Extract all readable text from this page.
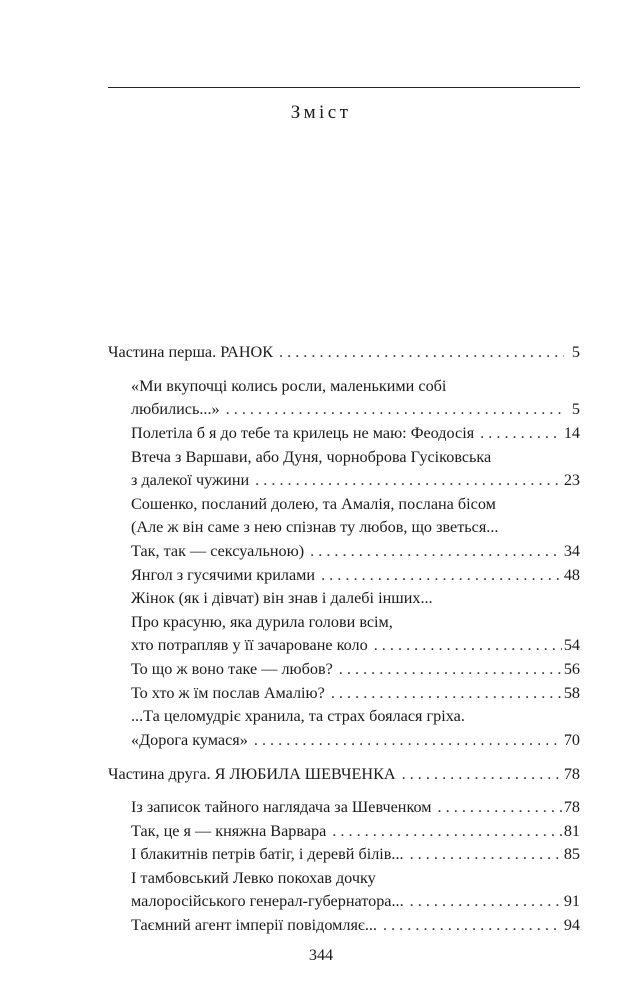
Зміст
Частина перша. РАНОК . . .	5
«Ми вкупочці колись росли, маленькими собі
любились...» . . .	5
Полетіла б я до тебе та крилець не маю: Феодосія . . .	14
Втеча з Варшави, або Дуня, чорноброва Гусіковська
з далекої чужини . . .	23
Сошенко, посланий долею, та Амалія, послана бісом
(Але ж він саме з нею спізнав ту любов, що зветься...
Так, так — сексуальною) . . .	34
Янгол з гусячими крилами . . .	48
Жінок (як і дівчат) він знав і далебі інших...
Про красуню, яка дурила голови всім,
хто потрапляв у її зачароване коло . . .	54
То що ж воно таке — любов? . . .	56
То хто ж їм послав Амалію? . . .	58
...Та целомудріє хранила, та страх боялася гріха.
«Дорога кумася» . . .	70
Частина друга. Я ЛЮБИЛА ШЕВЧЕНКА . . .	78
Із записок тайного наглядача за Шевченком . . .	78
Так, це я — княжна Варвара . . .	81
І блакитнів петрів батіг, і деревй білів... . . .	85
І тамбовський Левко покохав дочку
малоросійського генерал-губернатора... . . .	91
Таємний агент імперії повідомляє... . . .	94
344
